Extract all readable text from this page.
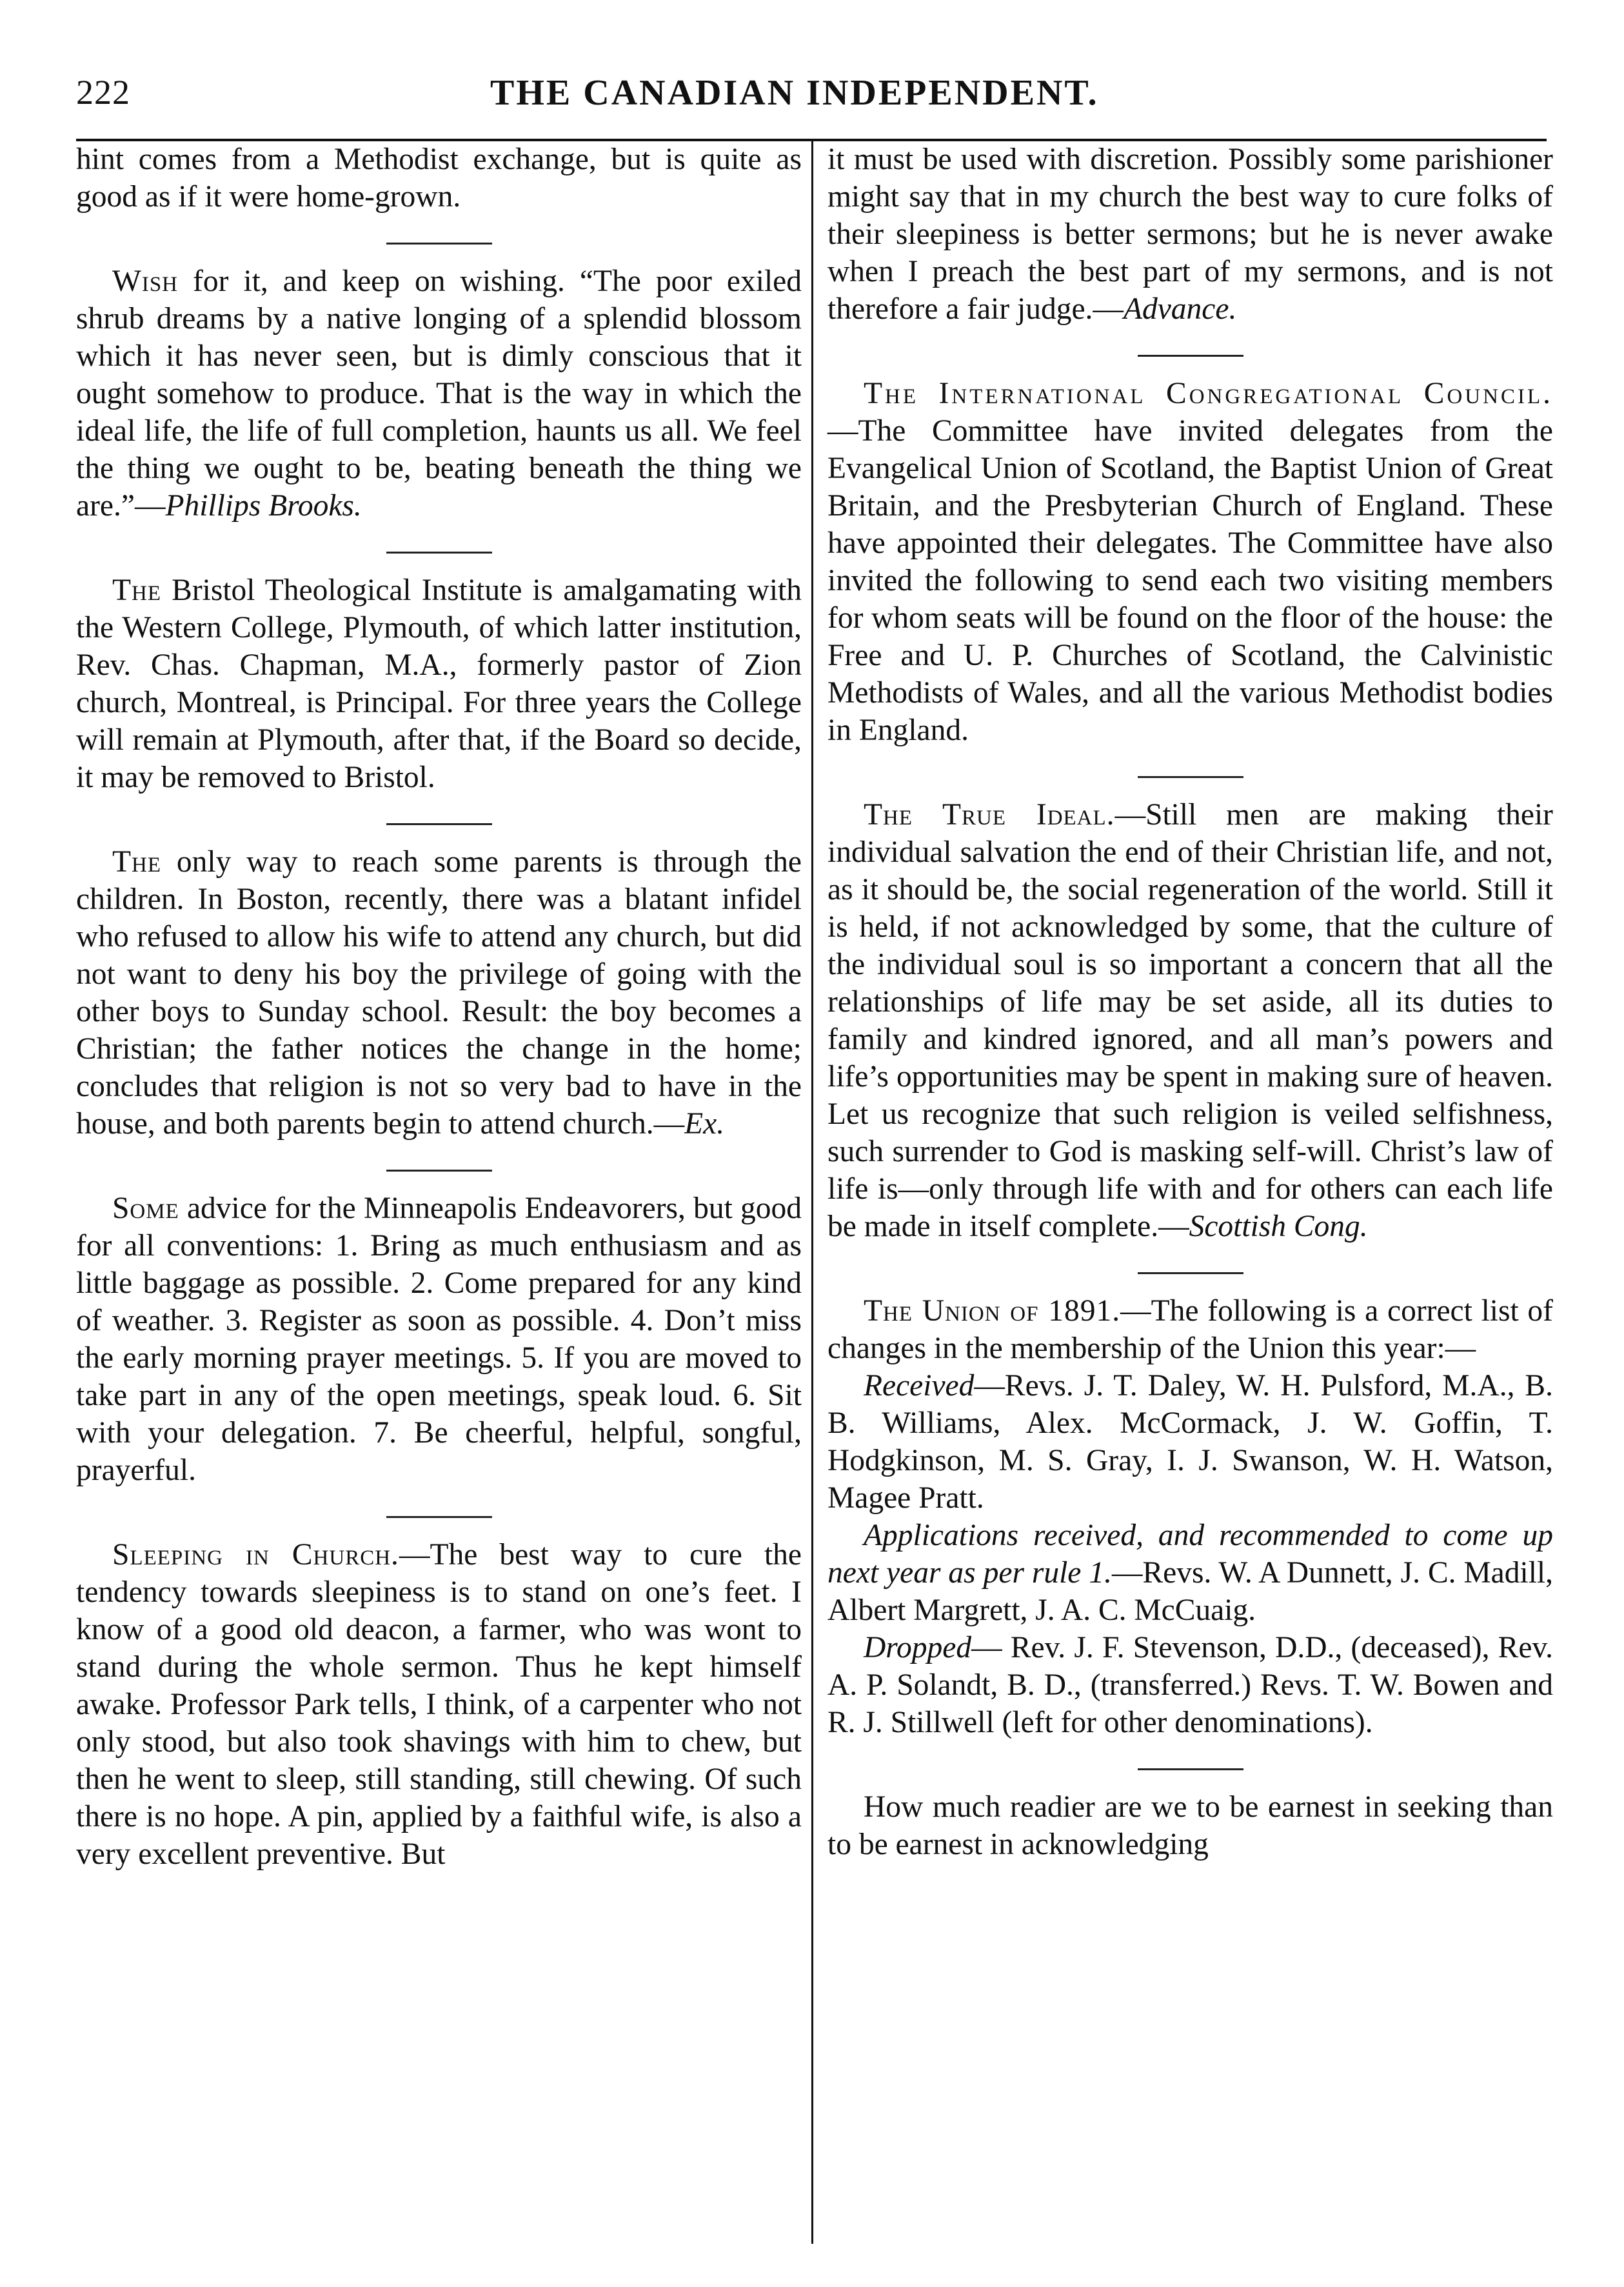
222	THE CANADIAN INDEPENDENT.

hint comes from a Methodist exchange, but is quite as good as if it were home-grown.

Wish for it, and keep on wishing. “The poor exiled shrub dreams by a native longing of a splendid blossom which it has never seen, but is dimly conscious that it ought somehow to produce. That is the way in which the ideal life, the life of full completion, haunts us all. We feel the thing we ought to be, beating beneath the thing we are.”—Phillips Brooks.

The Bristol Theological Institute is amalgamating with the Western College, Plymouth, of which latter institution, Rev. Chas. Chapman, M.A., formerly pastor of Zion church, Montreal, is Principal. For three years the College will remain at Plymouth, after that, if the Board so decide, it may be removed to Bristol.

The only way to reach some parents is through the children. In Boston, recently, there was a blatant infidel who refused to allow his wife to attend any church, but did not want to deny his boy the privilege of going with the other boys to Sunday school. Result: the boy becomes a Christian; the father notices the change in the home; concludes that religion is not so very bad to have in the house, and both parents begin to attend church.—Ex.

Some advice for the Minneapolis Endeavorers, but good for all conventions: 1. Bring as much enthusiasm and as little baggage as possible. 2. Come prepared for any kind of weather. 3. Register as soon as possible. 4. Don’t miss the early morning prayer meetings. 5. If you are moved to take part in any of the open meetings, speak loud. 6. Sit with your delegation. 7. Be cheerful, helpful, songful, prayerful.

Sleeping in Church.—The best way to cure the tendency towards sleepiness is to stand on one’s feet. I know of a good old deacon, a farmer, who was wont to stand during the whole sermon. Thus he kept himself awake. Professor Park tells, I think, of a carpenter who not only stood, but also took shavings with him to chew, but then he went to sleep, still standing, still chewing. Of such there is no hope. A pin, applied by a faithful wife, is also a very excellent preventive. But

it must be used with discretion. Possibly some parishioner might say that in my church the best way to cure folks of their sleepiness is better sermons; but he is never awake when I preach the best part of my sermons, and is not therefore a fair judge.—Advance.

The International Congregational Council.—The Committee have invited delegates from the Evangelical Union of Scotland, the Baptist Union of Great Britain, and the Presbyterian Church of England. These have appointed their delegates. The Committee have also invited the following to send each two visiting members for whom seats will be found on the floor of the house: the Free and U. P. Churches of Scotland, the Calvinistic Methodists of Wales, and all the various Methodist bodies in England.

The True Ideal.—Still men are making their individual salvation the end of their Christian life, and not, as it should be, the social regeneration of the world. Still it is held, if not acknowledged by some, that the culture of the individual soul is so important a concern that all the relationships of life may be set aside, all its duties to family and kindred ignored, and all man’s powers and life’s opportunities may be spent in making sure of heaven. Let us recognize that such religion is veiled selfishness, such surrender to God is masking self-will. Christ’s law of life is—only through life with and for others can each life be made in itself complete.—Scottish Cong.

The Union of 1891.—The following is a correct list of changes in the membership of the Union this year:—

Received—Revs. J. T. Daley, W. H. Pulsford, M.A., B. B. Williams, Alex. McCormack, J. W. Goffin, T. Hodgkinson, M. S. Gray, I. J. Swanson, W. H. Watson, Magee Pratt.

Applications received, and recommended to come up next year as per rule 1.—Revs. W. A Dunnett, J. C. Madill, Albert Margrett, J. A. C. McCuaig.

Dropped— Rev. J. F. Stevenson, D.D., (deceased), Rev. A. P. Solandt, B. D., (transferred.) Revs. T. W. Bowen and R. J. Stillwell (left for other denominations).

How much readier are we to be earnest in seeking than to be earnest in acknowledging
